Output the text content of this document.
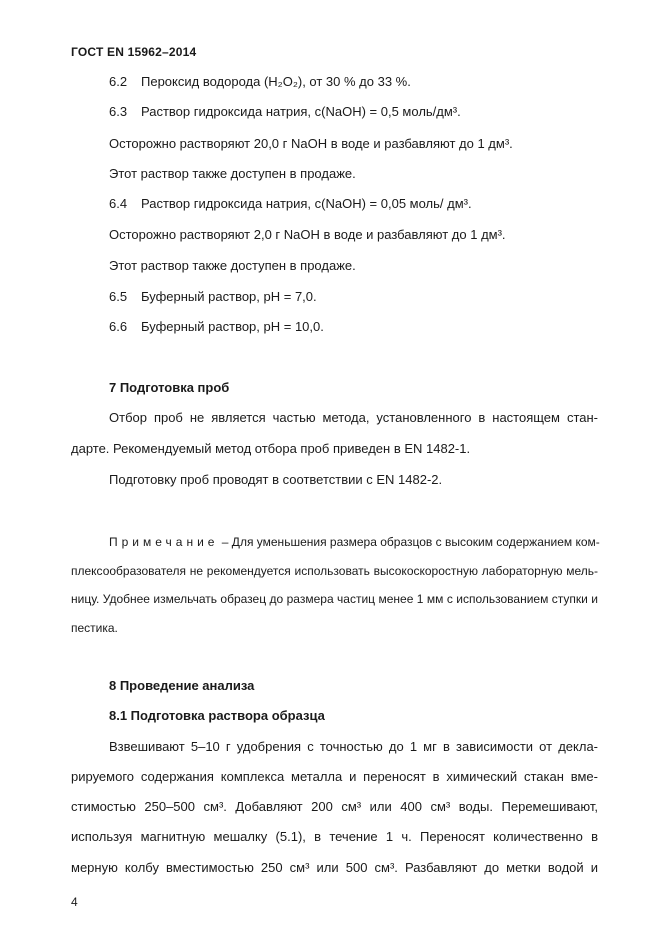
ГОСТ EN 15962–2014
6.2 Пероксид водорода (H₂O₂), от 30 % до 33 %.
6.3 Раствор гидроксида натрия, c(NaOH) = 0,5 моль/дм³.
Осторожно растворяют 20,0 г NaOH в воде и разбавляют до 1 дм³.
Этот раствор также доступен в продаже.
6.4 Раствор гидроксида натрия, c(NaOH) = 0,05 моль/ дм³.
Осторожно растворяют 2,0 г NaOH в воде и разбавляют до 1 дм³.
Этот раствор также доступен в продаже.
6.5 Буферный раствор, pH = 7,0.
6.6 Буферный раствор, pH = 10,0.
7 Подготовка проб
Отбор проб не является частью метода, установленного в настоящем стан-
дарте. Рекомендуемый метод отбора проб приведен в EN 1482-1.
Подготовку проб проводят в соответствии с EN 1482-2.
Примечание – Для уменьшения размера образцов с высоким содержанием ком-
плексообразователя не рекомендуется использовать высокоскоростную лабораторную мель-
ницу. Удобнее измельчать образец до размера частиц менее 1 мм с использованием ступки и
пестика.
8 Проведение анализа
8.1 Подготовка раствора образца
Взвешивают 5–10 г удобрения с точностью до 1 мг в зависимости от декла-
рируемого содержания комплекса металла и переносят в химический стакан вме-
стимостью 250–500 см³. Добавляют 200 см³ или 400 см³ воды. Перемешивают,
используя магнитную мешалку (5.1), в течение 1 ч. Переносят количественно в
мерную колбу вместимостью 250 см³ или 500 см³. Разбавляют до метки водой и
4
